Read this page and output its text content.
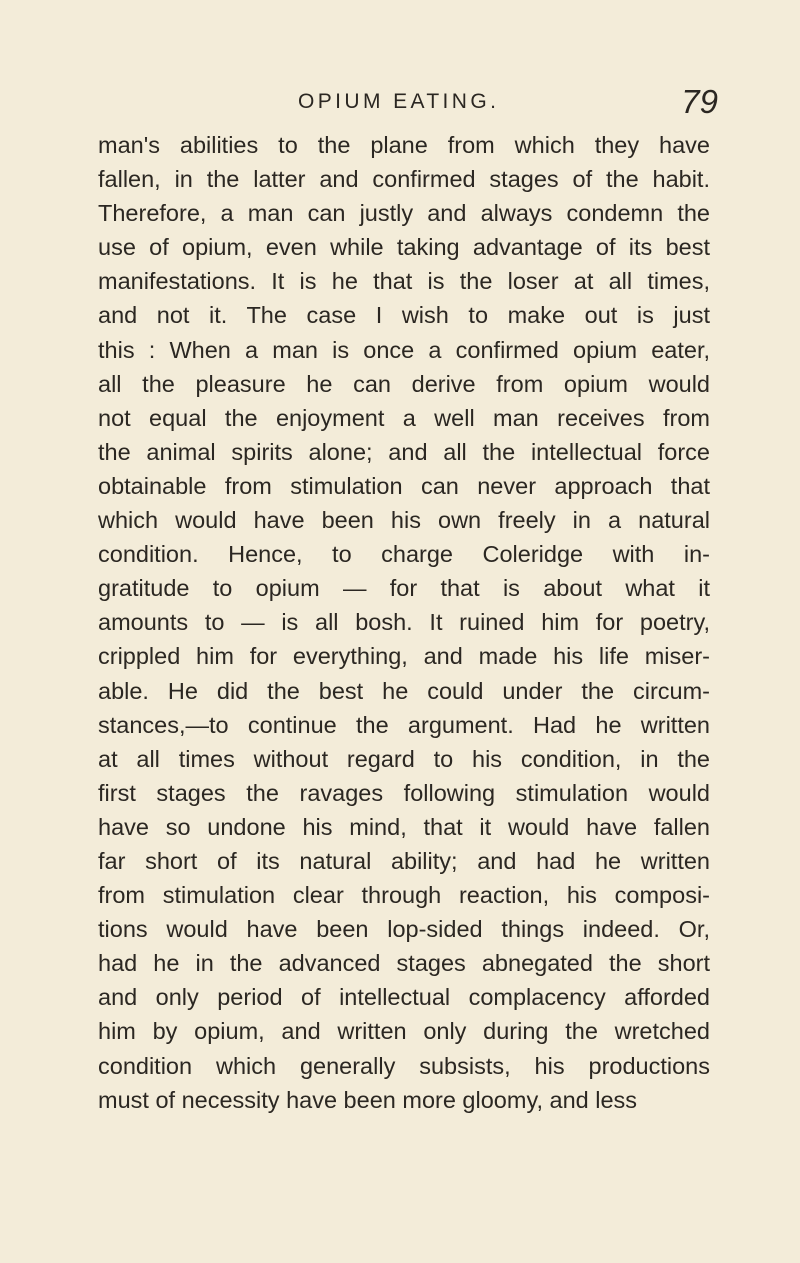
OPIUM EATING.	79
man's abilities to the plane from which they have
fallen, in the latter and confirmed stages of the habit.
Therefore, a man can justly and always condemn the
use of opium, even while taking advantage of its best
manifestations. It is he that is the loser at all times,
and not it. The case I wish to make out is just
this : When a man is once a confirmed opium eater,
all the pleasure he can derive from opium would
not equal the enjoyment a well man receives from
the animal spirits alone; and all the intellectual force
obtainable from stimulation can never approach that
which would have been his own freely in a natural
condition. Hence, to charge Coleridge with in-
gratitude to opium — for that is about what it
amounts to — is all bosh. It ruined him for poetry,
crippled him for everything, and made his life miser-
able. He did the best he could under the circum-
stances,—to continue the argument. Had he written
at all times without regard to his condition, in the
first stages the ravages following stimulation would
have so undone his mind, that it would have fallen
far short of its natural ability; and had he written
from stimulation clear through reaction, his composi-
tions would have been lop-sided things indeed. Or,
had he in the advanced stages abnegated the short
and only period of intellectual complacency afforded
him by opium, and written only during the wretched
condition which generally subsists, his productions
must of necessity have been more gloomy, and less
